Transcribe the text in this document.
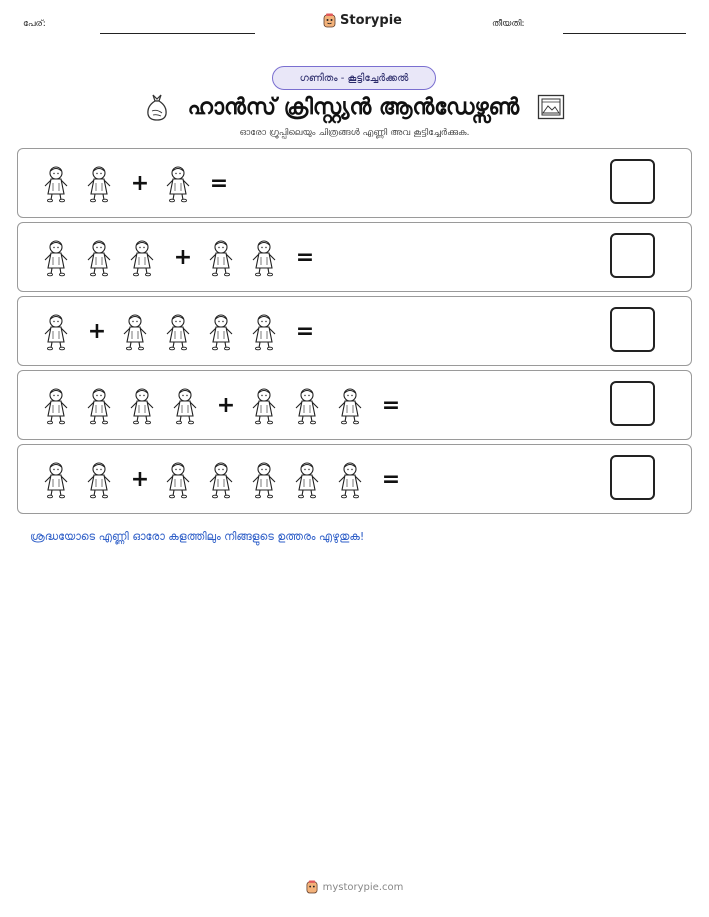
പേര്:	Storypie	തീയതി:
ഗണിതം - കൂട്ടിച്ചേർക്കൽ
ഹാൻസ് ക്രിസ്റ്റ്യൻ ആൻഡേഴ്സൺ
ഓരോ ഗ്രൂപ്പിലെയും ചിത്രങ്ങൾ എണ്ണി അവ കൂട്ടിച്ചേർക്കുക.
+	=
+	=
+	=
+	=
+	=
ശ്രദ്ധയോടെ എണ്ണി ഓരോ കളത്തിലും നിങ്ങളുടെ ഉത്തരം എഴുതുക!
mystorypie.com
